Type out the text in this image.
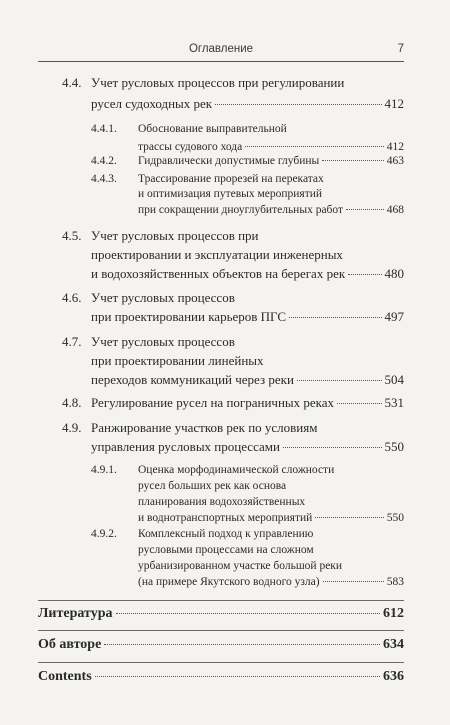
Оглавление	7
4.4. Учет русловых процессов при регулировании
русел судоходных рек	412
4.4.1. Обоснование выправительной
трассы судового хода	412
4.4.2. Гидравлически допустимые глубины	463
4.4.3. Трассирование прорезей на перекатах
и оптимизация путевых мероприятий
при сокращении дноуглубительных работ	468
4.5. Учет русловых процессов при
проектировании и эксплуатации инженерных
и водохозяйственных объектов на берегах рек	480
4.6. Учет русловых процессов
при проектировании карьеров ПГС	497
4.7. Учет русловых процессов
при проектировании линейных
переходов коммуникаций через реки	504
4.8. Регулирование русел на пограничных реках	531
4.9. Ранжирование участков рек по условиям
управления русловых процессами	550
4.9.1. Оценка морфодинамической сложности
русел больших рек как основа
планирования водохозяйственных
и воднотранспортных мероприятий	550
4.9.2. Комплексный подход к управлению
русловыми процессами на сложном
урбанизированном участке большой реки
(на примере Якутского водного узла)	583
Литература	612
Об авторе	634
Contents	636
